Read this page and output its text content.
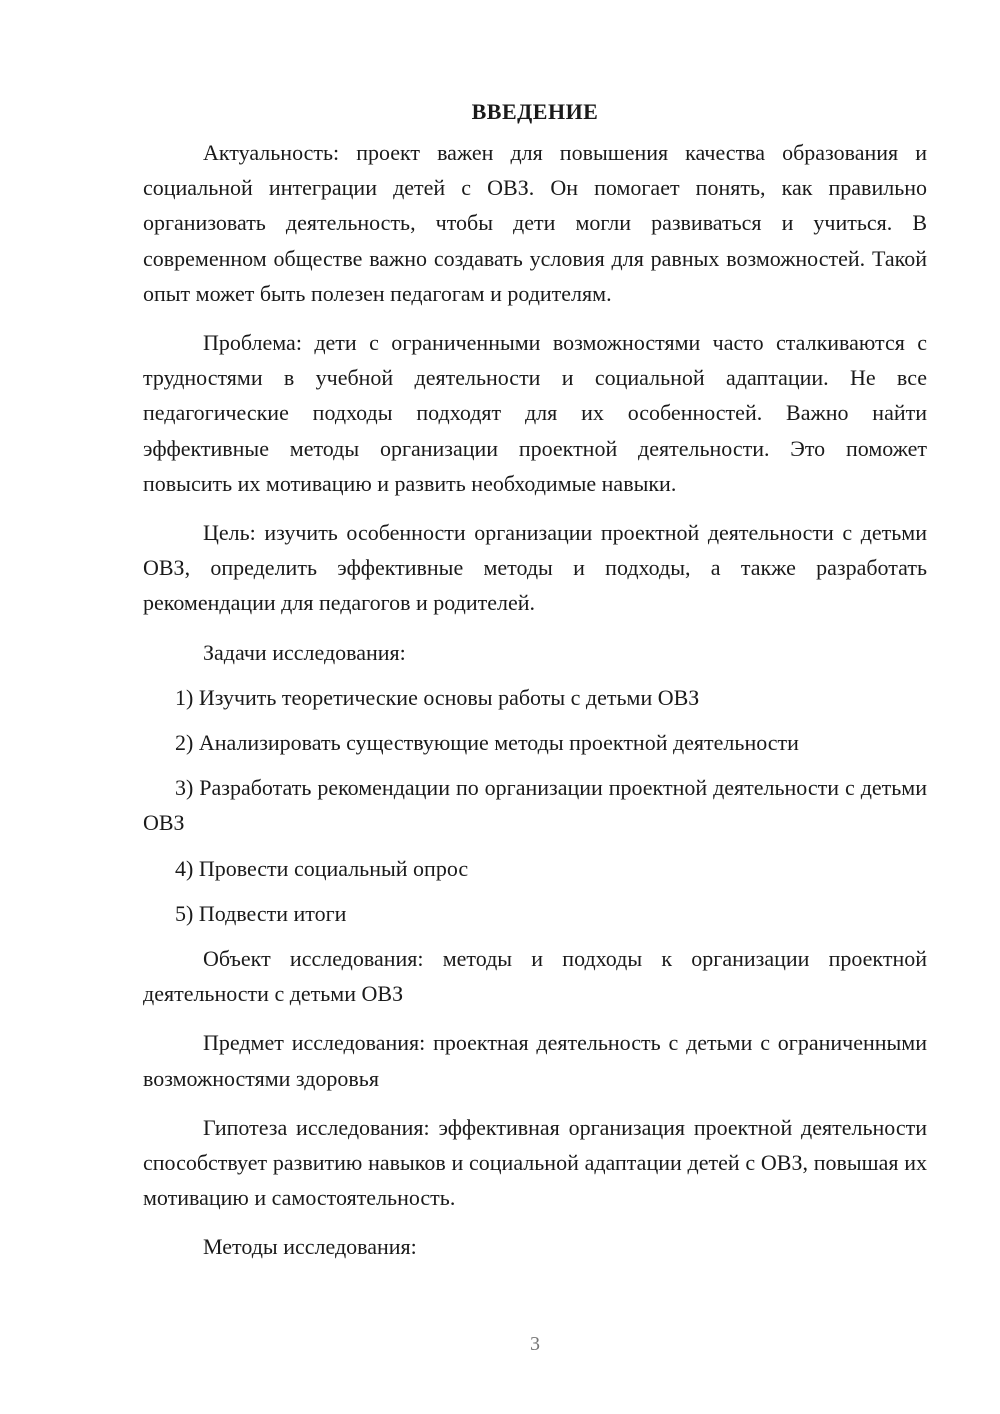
ВВЕДЕНИЕ

Актуальность: проект важен для повышения качества образования и социальной интеграции детей с ОВЗ. Он помогает понять, как правильно организовать деятельность, чтобы дети могли развиваться и учиться. В современном обществе важно создавать условия для равных возможностей. Такой опыт может быть полезен педагогам и родителям.

Проблема: дети с ограниченными возможностями часто сталкиваются с трудностями в учебной деятельности и социальной адаптации. Не все педагогические подходы подходят для их особенностей. Важно найти эффективные методы организации проектной деятельности. Это поможет повысить их мотивацию и развить необходимые навыки.

Цель: изучить особенности организации проектной деятельности с детьми ОВЗ, определить эффективные методы и подходы, а также разработать рекомендации для педагогов и родителей.

Задачи исследования:

1) Изучить теоретические основы работы с детьми ОВЗ

2) Анализировать существующие методы проектной деятельности

3) Разработать рекомендации по организации проектной деятельности с детьми ОВЗ

4) Провести социальный опрос

5) Подвести итоги

Объект исследования: методы и подходы к организации проектной деятельности с детьми ОВЗ

Предмет исследования: проектная деятельность с детьми с ограниченными возможностями здоровья

Гипотеза исследования: эффективная организация проектной деятельности способствует развитию навыков и социальной адаптации детей с ОВЗ, повышая их мотивацию и самостоятельность.

Методы исследования:

3
